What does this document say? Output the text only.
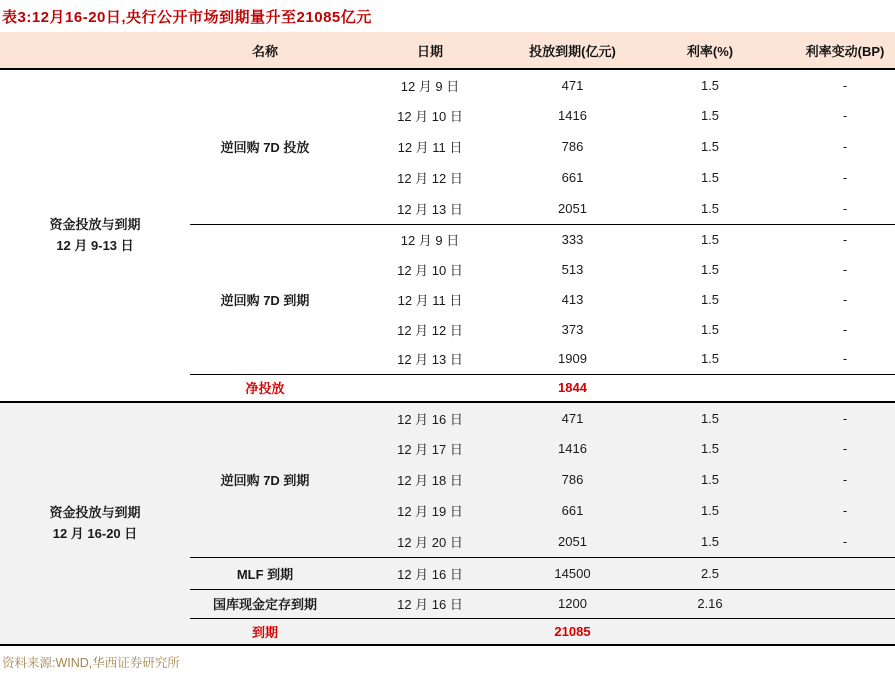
表3:12月16-20日,央行公开市场到期量升至21085亿元
	名称	日期	投放到期(亿元)	利率(%)	利率变动(BP)

资金投放与到期
12 月 9-13 日	逆回购 7D 投放	12 月 9 日	471	1.5	-
		12 月 10 日	1416	1.5	-
		12 月 11 日	786	1.5	-
		12 月 12 日	661	1.5	-
		12 月 13 日	2051	1.5	-
	逆回购 7D 到期	12 月 9 日	333	1.5	-
		12 月 10 日	513	1.5	-
		12 月 11 日	413	1.5	-
		12 月 12 日	373	1.5	-
		12 月 13 日	1909	1.5	-
	净投放		1844		

资金投放与到期
12 月 16-20 日	逆回购 7D 到期	12 月 16 日	471	1.5	-
		12 月 17 日	1416	1.5	-
		12 月 18 日	786	1.5	-
		12 月 19 日	661	1.5	-
		12 月 20 日	2051	1.5	-
	MLF 到期	12 月 16 日	14500	2.5	
	国库现金定存到期	12 月 16 日	1200	2.16	
	到期		21085		
资料来源:WIND,华西证券研究所
